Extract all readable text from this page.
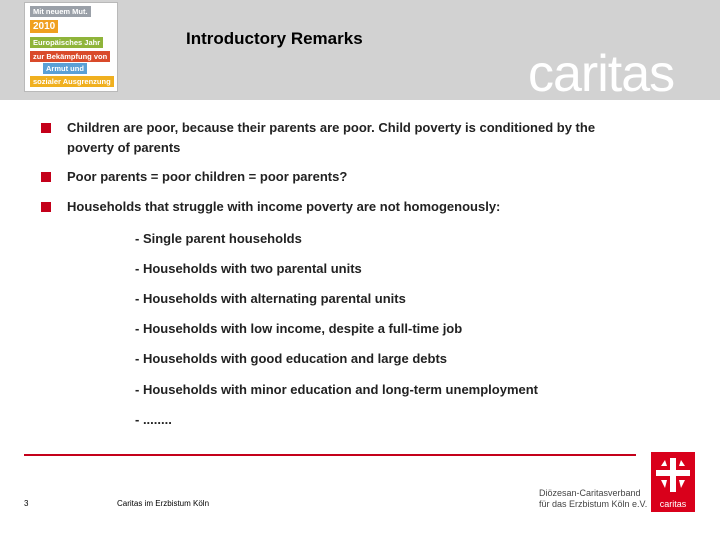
Mit neuem Mut.
2010
Europäisches Jahr
zur Bekämpfung von
Armut und
sozialer Ausgrenzung
Introductory Remarks
caritas
Children are poor, because their parents are poor. Child poverty is conditioned by the
poverty of parents
Poor parents = poor children = poor parents?
Households that struggle with income poverty are not homogenously:
- Single parent households
- Households with two parental units
- Households with alternating parental units
- Households with low income, despite a full-time job
- Households with good education and large debts
- Households with minor education and long-term unemployment
- ........
3	Caritas im Erzbistum Köln
Diözesan-Caritasverband
für das Erzbistum Köln e.V.	caritas
